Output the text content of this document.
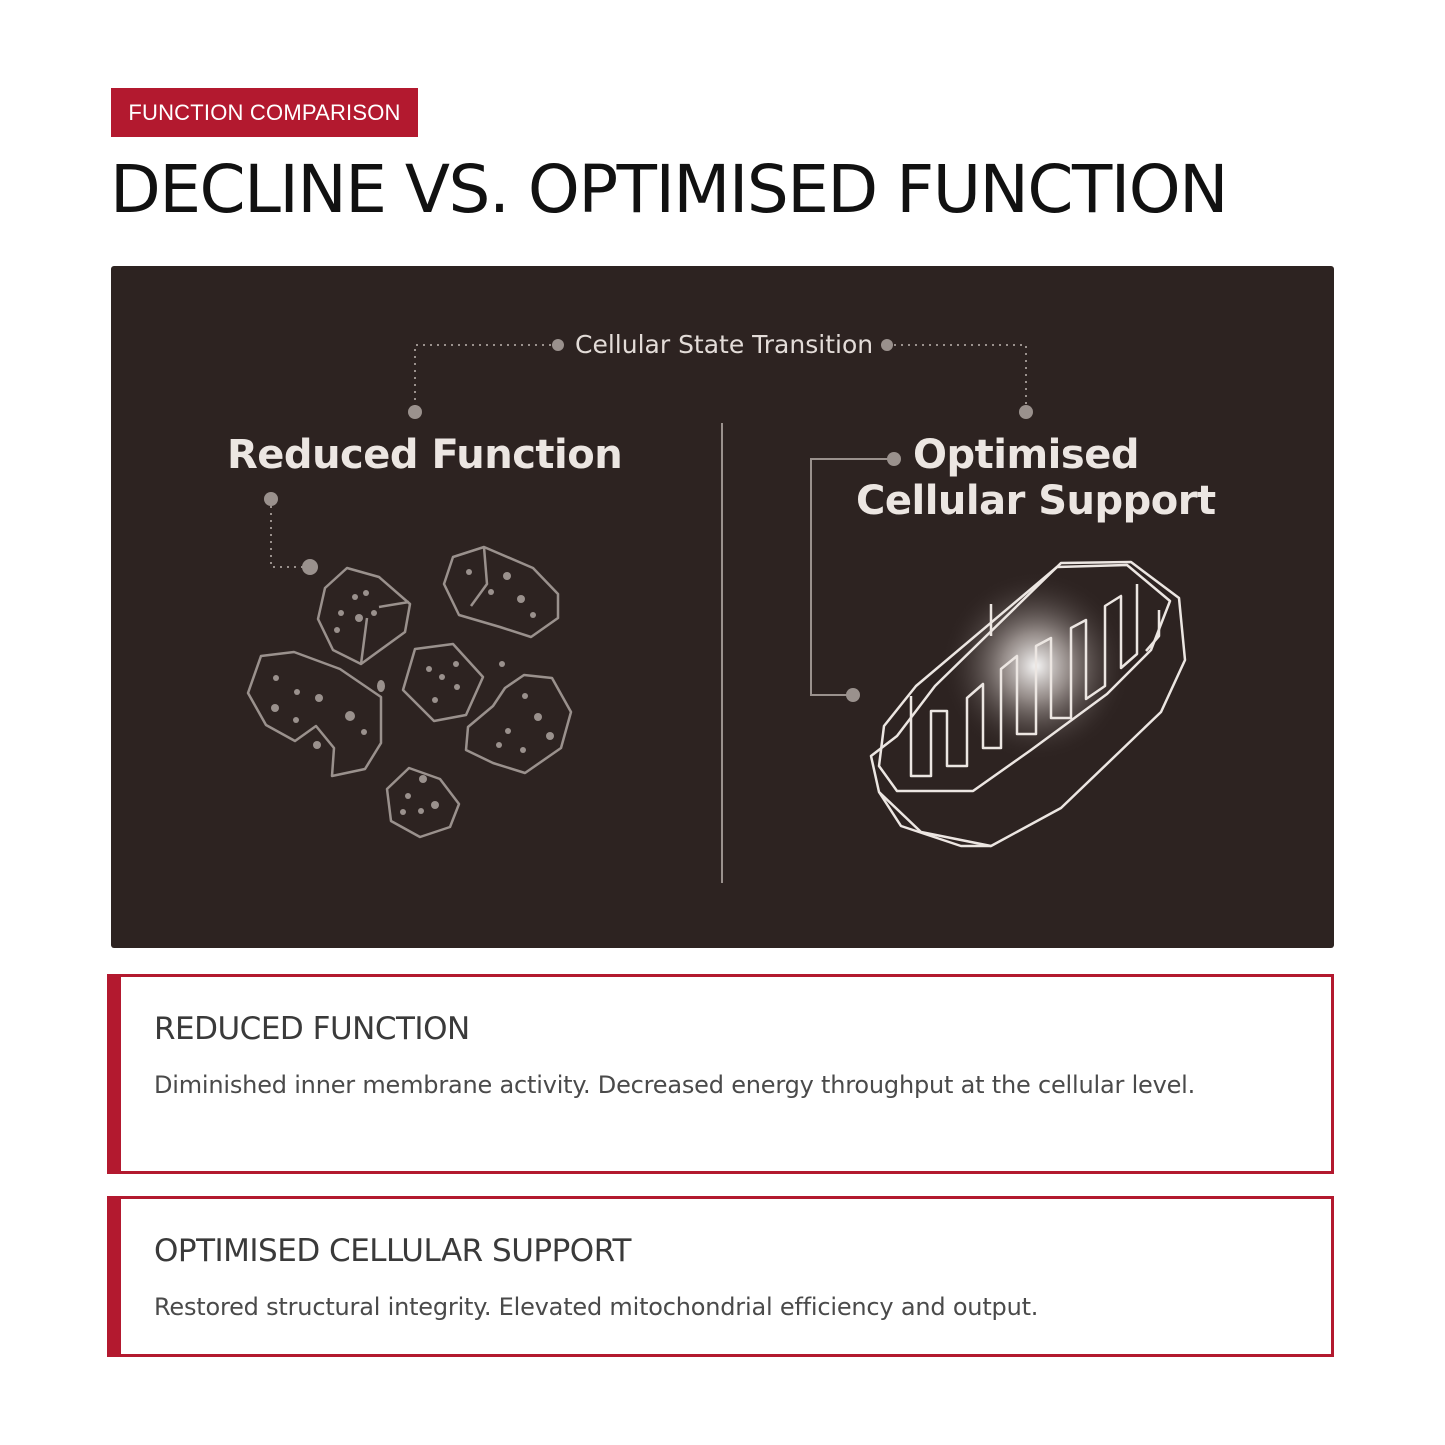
FUNCTION COMPARISON
DECLINE VS. OPTIMISED FUNCTION
Cellular State Transition
Reduced Function	Optimised
Cellular Support
REDUCED FUNCTION
Diminished inner membrane activity. Decreased energy throughput at the cellular level.
OPTIMISED CELLULAR SUPPORT
Restored structural integrity. Elevated mitochondrial efficiency and output.
